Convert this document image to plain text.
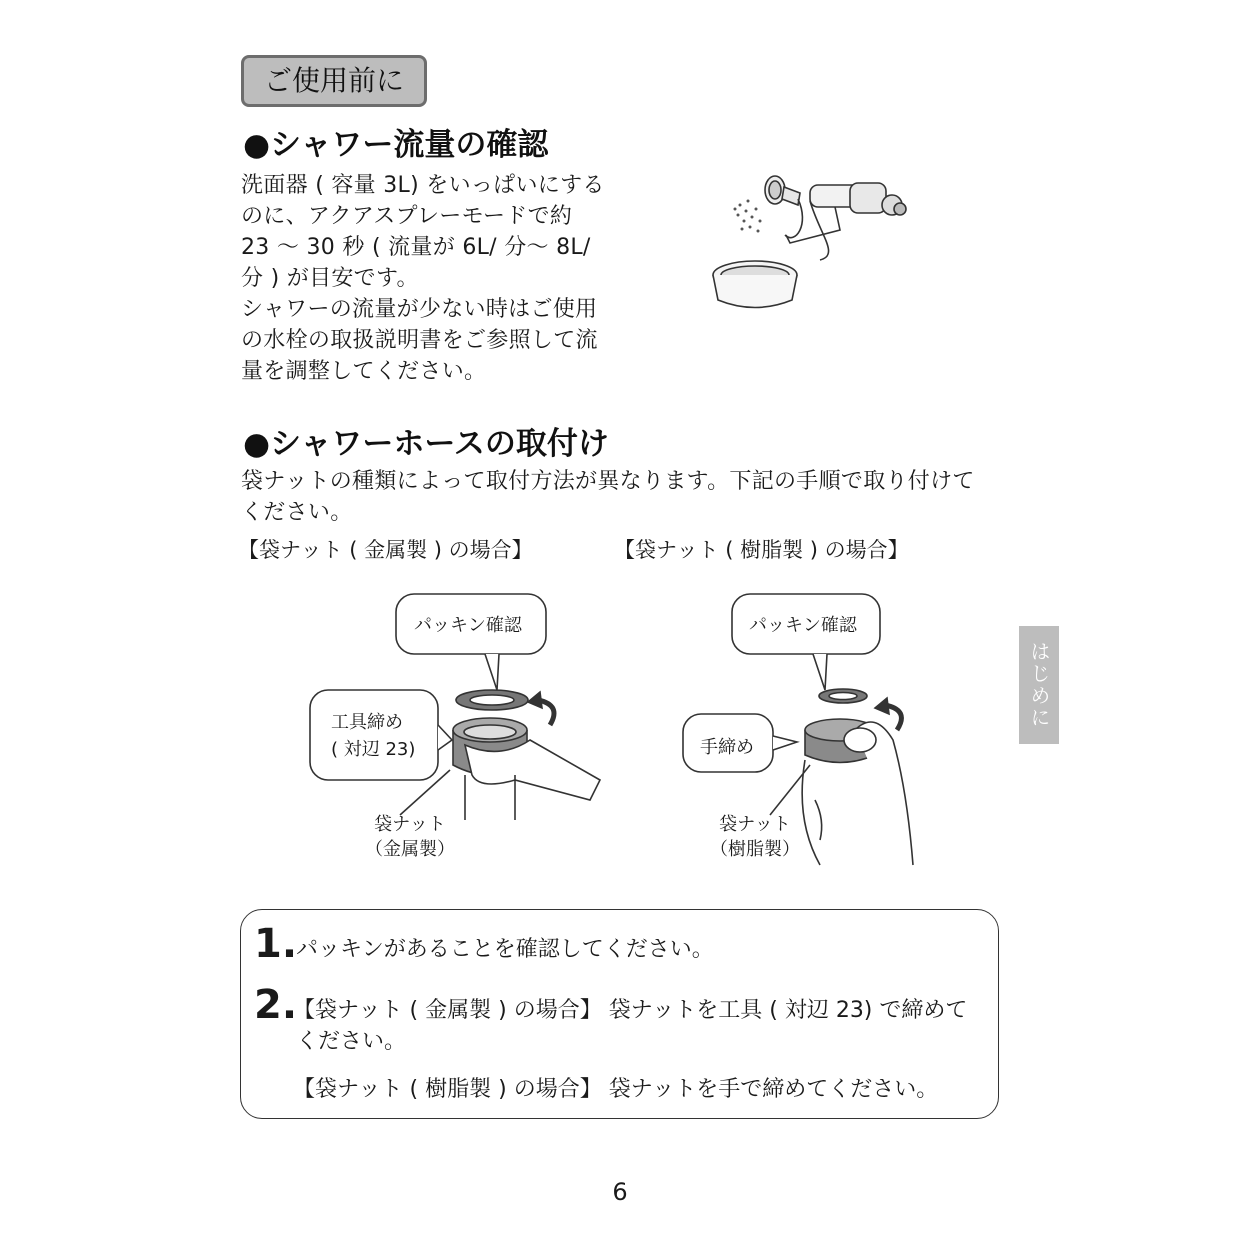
ご使用前に
●シャワー流量の確認
洗面器 ( 容量 3L) をいっぱいにする
のに、アクアスプレーモードで約
23 ～ 30 秒 ( 流量が 6L/ 分～ 8L/
分 ) が目安です。
シャワーの流量が少ない時はご使用
の水栓の取扱説明書をご参照して流
量を調整してください。
●シャワーホースの取付け
袋ナットの種類によって取付方法が異なります。下記の手順で取り付けて
ください。
【袋ナット ( 金属製 ) の場合】	【袋ナット ( 樹脂製 ) の場合】
パッキン確認
工具締め
( 対辺 23)
袋ナット
（金属製）
パッキン確認
手締め
袋ナット
（樹脂製）
はじめに
1.
パッキンがあることを確認してください。
2.
【袋ナット ( 金属製 ) の場合】 袋ナットを工具 ( 対辺 23) で締めて
ください。
【袋ナット ( 樹脂製 ) の場合】 袋ナットを手で締めてください。
6
